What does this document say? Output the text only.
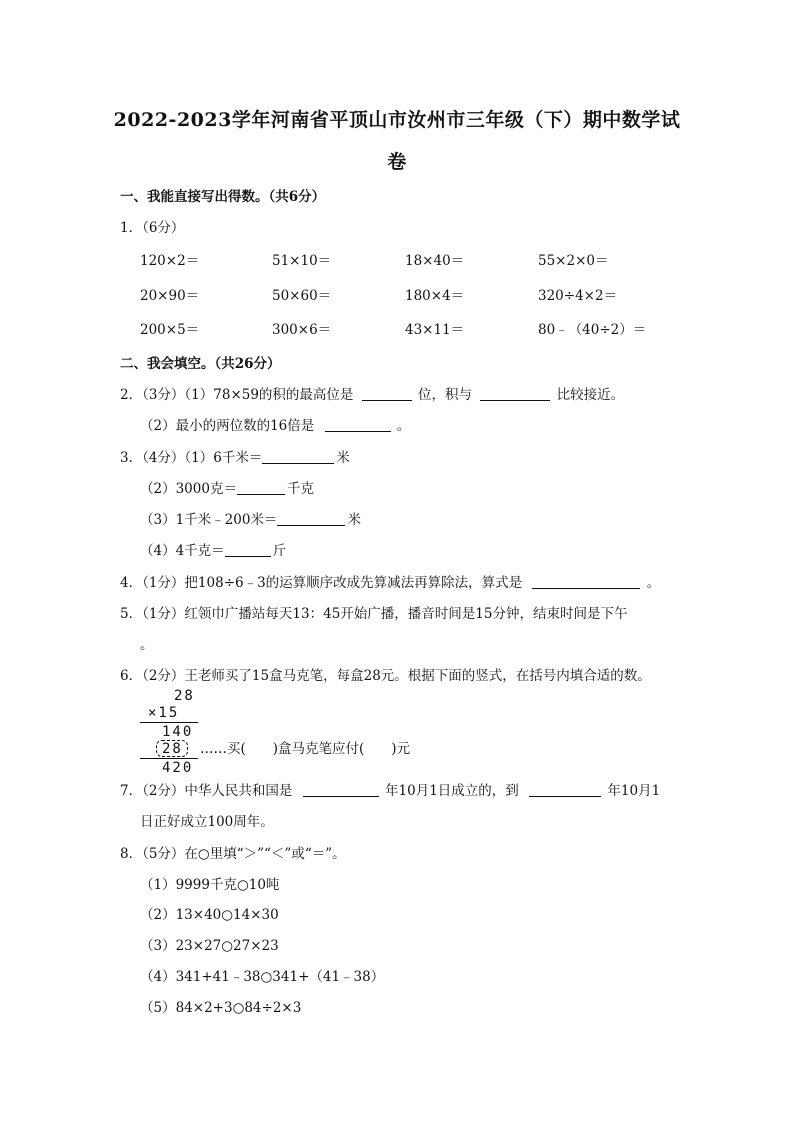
2022-2023学年河南省平顶山市汝州市三年级（下）期中数学试
卷
一、我能直接写出得数。（共6分）
1．（6分）
120×2＝	51×10＝	18×40＝	55×2×0＝
20×90＝	50×60＝	180×4＝	320÷4×2＝
200×5＝	300×6＝	43×11＝	80﹣（40÷2）＝
二、我会填空。（共26分）
2．（3分）（1）78×59的积的最高位是	位，积与	比较接近。
（2）最小的两位数的16倍是	。
3．（4分）（1）6千米＝	米
（2）3000克＝	千克
（3）1千米﹣200米＝	米
（4）4千克＝	斤
4．（1分）把108÷6﹣3的运算顺序改成先算减法再算除法，算式是	。
5．（1分）红领巾广播站每天13：45开始广播，播音时间是15分钟，结束时间是下午
。
6．（2分）王老师买了15盒马克笔，每盒28元。根据下面的竖式，在括号内填合适的数。
28
×15
140
28
420
……买(　　)盒马克笔应付(　　)元
7．（2分）中华人民共和国是	年10月1日成立的，到	年10月1
日正好成立100周年。
8．（5分）在○里填“＞”“＜”或“＝”。
（1）9999千克○10吨
（2）13×40○14×30
（3）23×27○27×23
（4）341+41﹣38○341+（41﹣38）
（5）84×2+3○84÷2×3
